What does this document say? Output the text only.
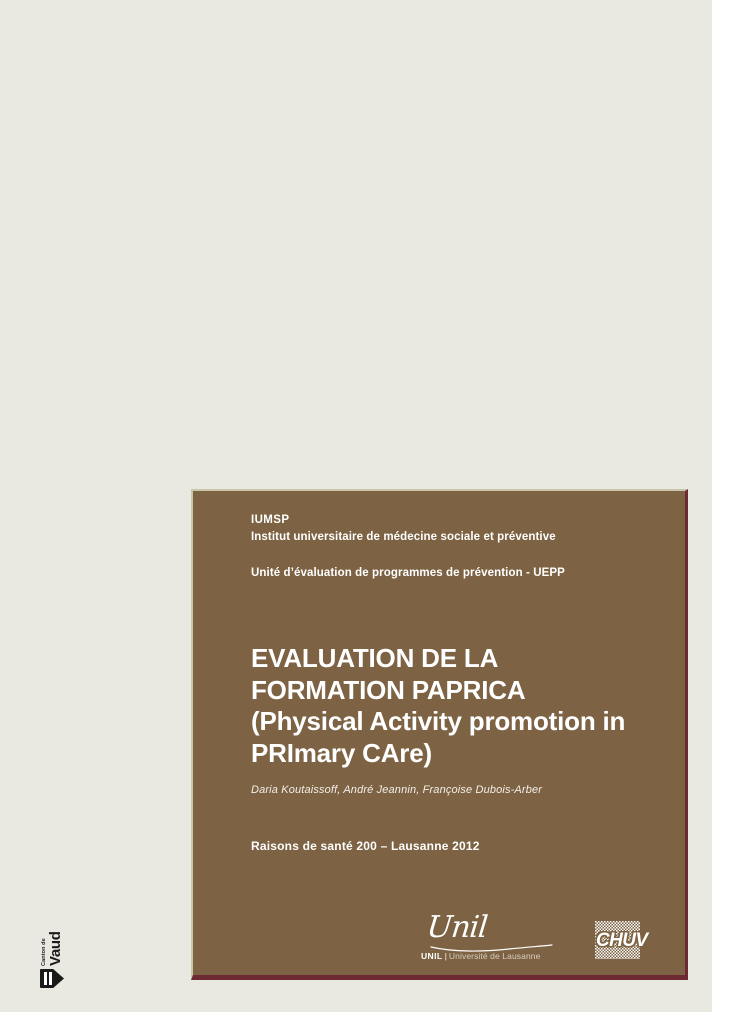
Canton de Vaud
IUMSP
Institut universitaire de médecine sociale et préventive
Unité d’évaluation de programmes de prévention - UEPP
EVALUATION DE LA
FORMATION PAPRICA
(Physical Activity promotion in
PRImary CAre)
Daria Koutaissoff, André Jeannin, Françoise Dubois-Arber
Raisons de santé 200 – Lausanne 2012
Unil
UNIL | Université de Lausanne
CHUV
